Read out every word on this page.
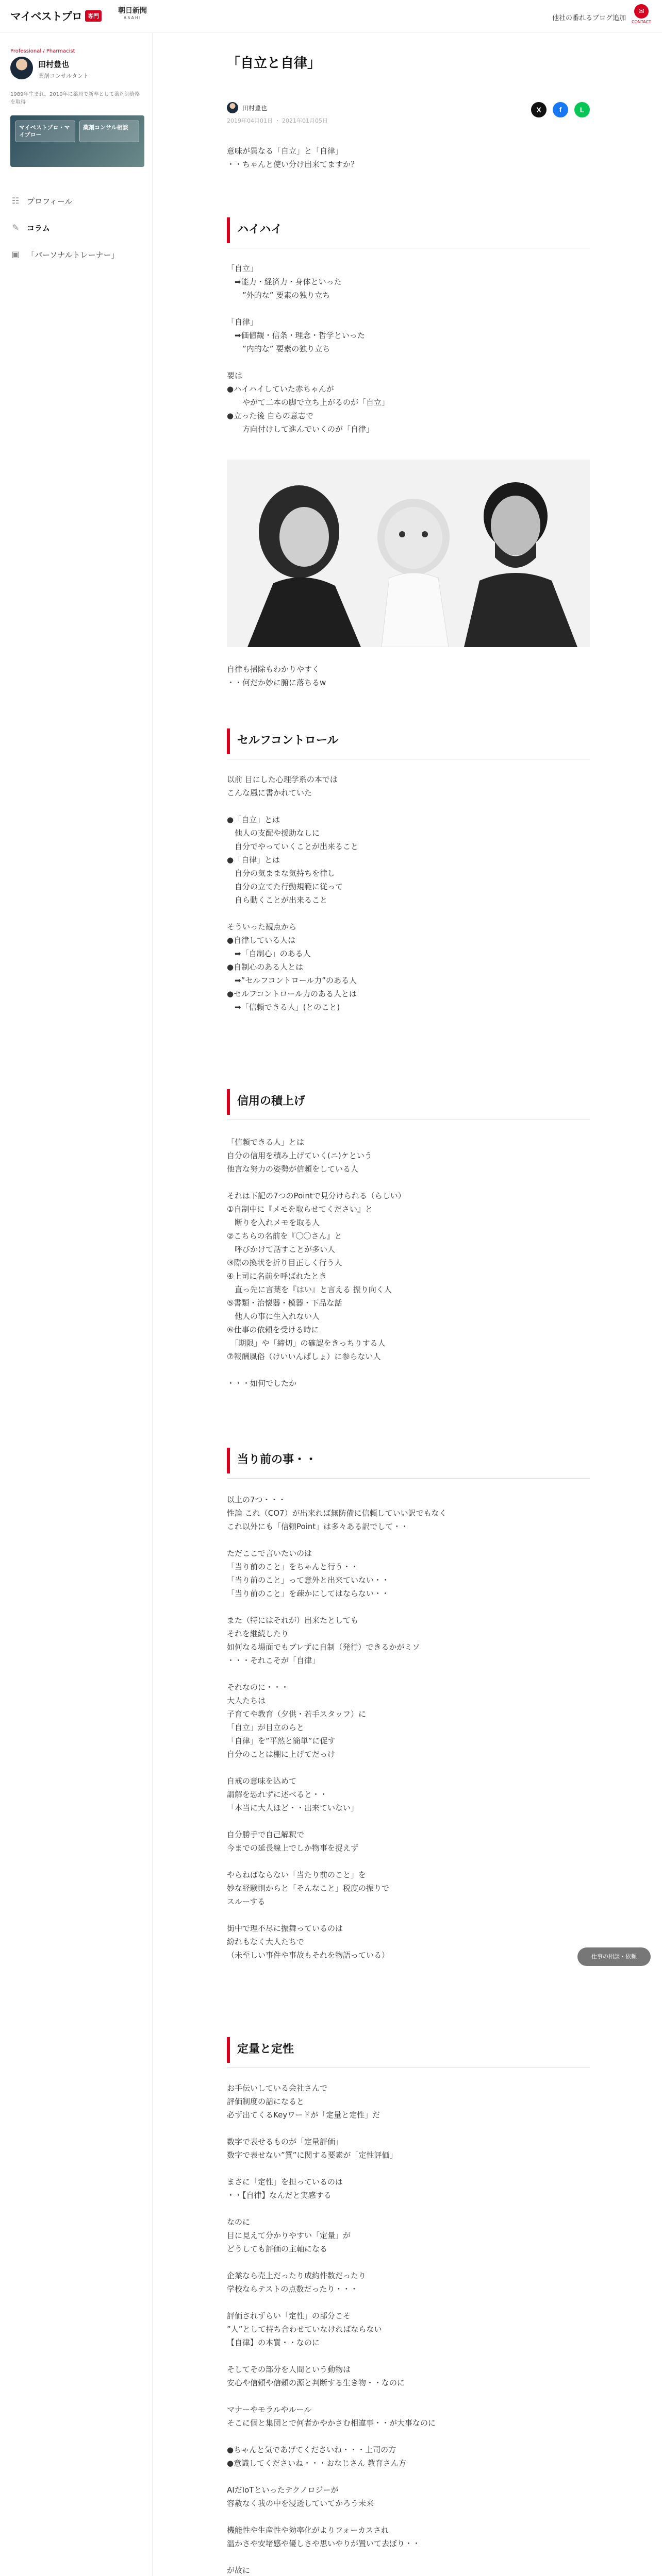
マイベストプロ	専門
朝日新聞
ASAHI	他社の番れるブログ追加
✉
CONTACT
Professional / Pharmacist
田村豊也
薬剤コンサルタント
1989年生まれ。2010年に薬局で新卒として薬剤師資格を取得
マイベストプロ・マイプロー
薬剤コンサル相談
☷ プロフィール
✎ コラム
▣ 「パーソナルトレーナー」
「自立と自律」
田村豊也
2019年04月01日 ・ 2021年01月05日
X	f	L
意味が異なる「自立」と「自律」
・・ちゃんと使い分け出来てますか？
ハイハイ
「自立」
　➡能力・経済力・身体といった
　　”外的な” 要素の独り立ち

「自律」
　➡価値観・信条・理念・哲学といった
　　”内的な” 要素の独り立ち

要は
●ハイハイしていた赤ちゃんが
　　やがて二本の脚で立ち上がるのが「自立」
●立った後 自らの意志で
　　方向付けして進んでいくのが「自律」
自律も掃除もわかりやすく
・・何だか妙に腑に落ちるw
セルフコントロール
以前 目にした心理学系の本では
こんな風に書かれていた

●「自立」とは
　他人の支配や援助なしに
　自分でやっていくことが出来ること
●「自律」とは
　自分の気ままな気持ちを律し
　自分の立てた行動規範に従って
　自ら動くことが出来ること

そういった観点から
●自律している人は
　➡「自制心」のある人
●自制心のある人とは
　➡”セルフコントロール力”のある人
●セルフコントロール力のある人とは
　➡「信頼できる人」(とのこと)
信用の積上げ
「信頼できる人」とは
自分の信用を積み上げていく(ニ)ケという
他言な努力の姿勢が信頼をしている人

それは下記の7つのPointで見分けられる（らしい）
①自制中に『メモを取らせてください』と
　断りを入れメモを取る人
②こちらの名前を『〇〇さん』と
　呼びかけて話すことが多い人
③際の換状を折り目正しく行う人
④上司に名前を呼ばれたとき
　直っ先に言葉を『はい』と言える 振り向く人
⑤書類・治懐器・模器・下品な話
　他人の事に生入れない人
⑥仕事の依頼を受ける時に
　「期限」や「締切」の確認をきっちりする人
⑦報酬風俗（けいいんぱしょ）に参らない人

・・・如何でしたか
当り前の事・・
以上の7つ・・・
性論 これ（CO7）が出来れば無防備に信頼していい訳でもなく
これ以外にも「信頼Point」は多々ある訳でして・・

ただここで言いたいのは
「当り前のこと」をちゃんと行う・・
「当り前のこと」って意外と出来ていない・・
「当り前のこと」を疎かにしてはならない・・

また（特にはそれが）出来たとしても
それを継続したり
如何なる場面でもブレずに自制（発行）できるかがミソ
・・・それこそが「自律」

それなのに・・・
大人たちは
子育てや教育（夕供・若手スタッフ）に
「自立」が目立のらと
「自律」を”平然と簡単”に促す
自分のことは棚に上げてだっけ

自戒の意味を込めて
謂解を恐れずに述べると・・
「本当に大人ほど・・出来ていない」

自分勝手で自己解釈で
今までの延長線上でしか物事を捉えず

やらねばならない「当たり前のこと」を
妙な経験則からと「そんなこと」税度の振りで
スルーする

街中で理不尽に振舞っているのは
紛れもなく大人たちで
（未至しい事件や事故もそれを物語っている）
定量と定性
お手伝いしている会社さんで
評価制度の話になると
必ず出てくるKeyワードが「定量と定性」だ

数字で表せるものが「定量評価」
数字で表せない”質”に関する要素が「定性評価」

まさに「定性」を担っているのは
・・【自律】なんだと実感する

なのに
目に見えて分かりやすい「定量」が
どうしても評価の主軸になる

企業なら売上だったり成約件数だったり
学校ならテストの点数だったり・・・

評価されずらい「定性」の部分こそ
”人”として持ち合わせていなければならない
【自律】の本質・・なのに

そしてその部分を人間という動物は
安心や信頼や信頼の源と判断する生き物・・なのに

マナーやモラルやルール
そこに個と集団とで何者かやかさむ相違事・・が大事なのに

●ちゃんと気であげてくださいね・・・上司の方
●意識してくださいね・・・おなじさん 教育さん方

AIだIoTといったテクノロジーが
容赦なく我の中を浸透していてかろう未来

機能性や生産性や効率化がよりフォーカスされ
温かさや安堵感や優しさや思いやりが置いて去ぼり・・

が故に

仕事の相談・依頼
